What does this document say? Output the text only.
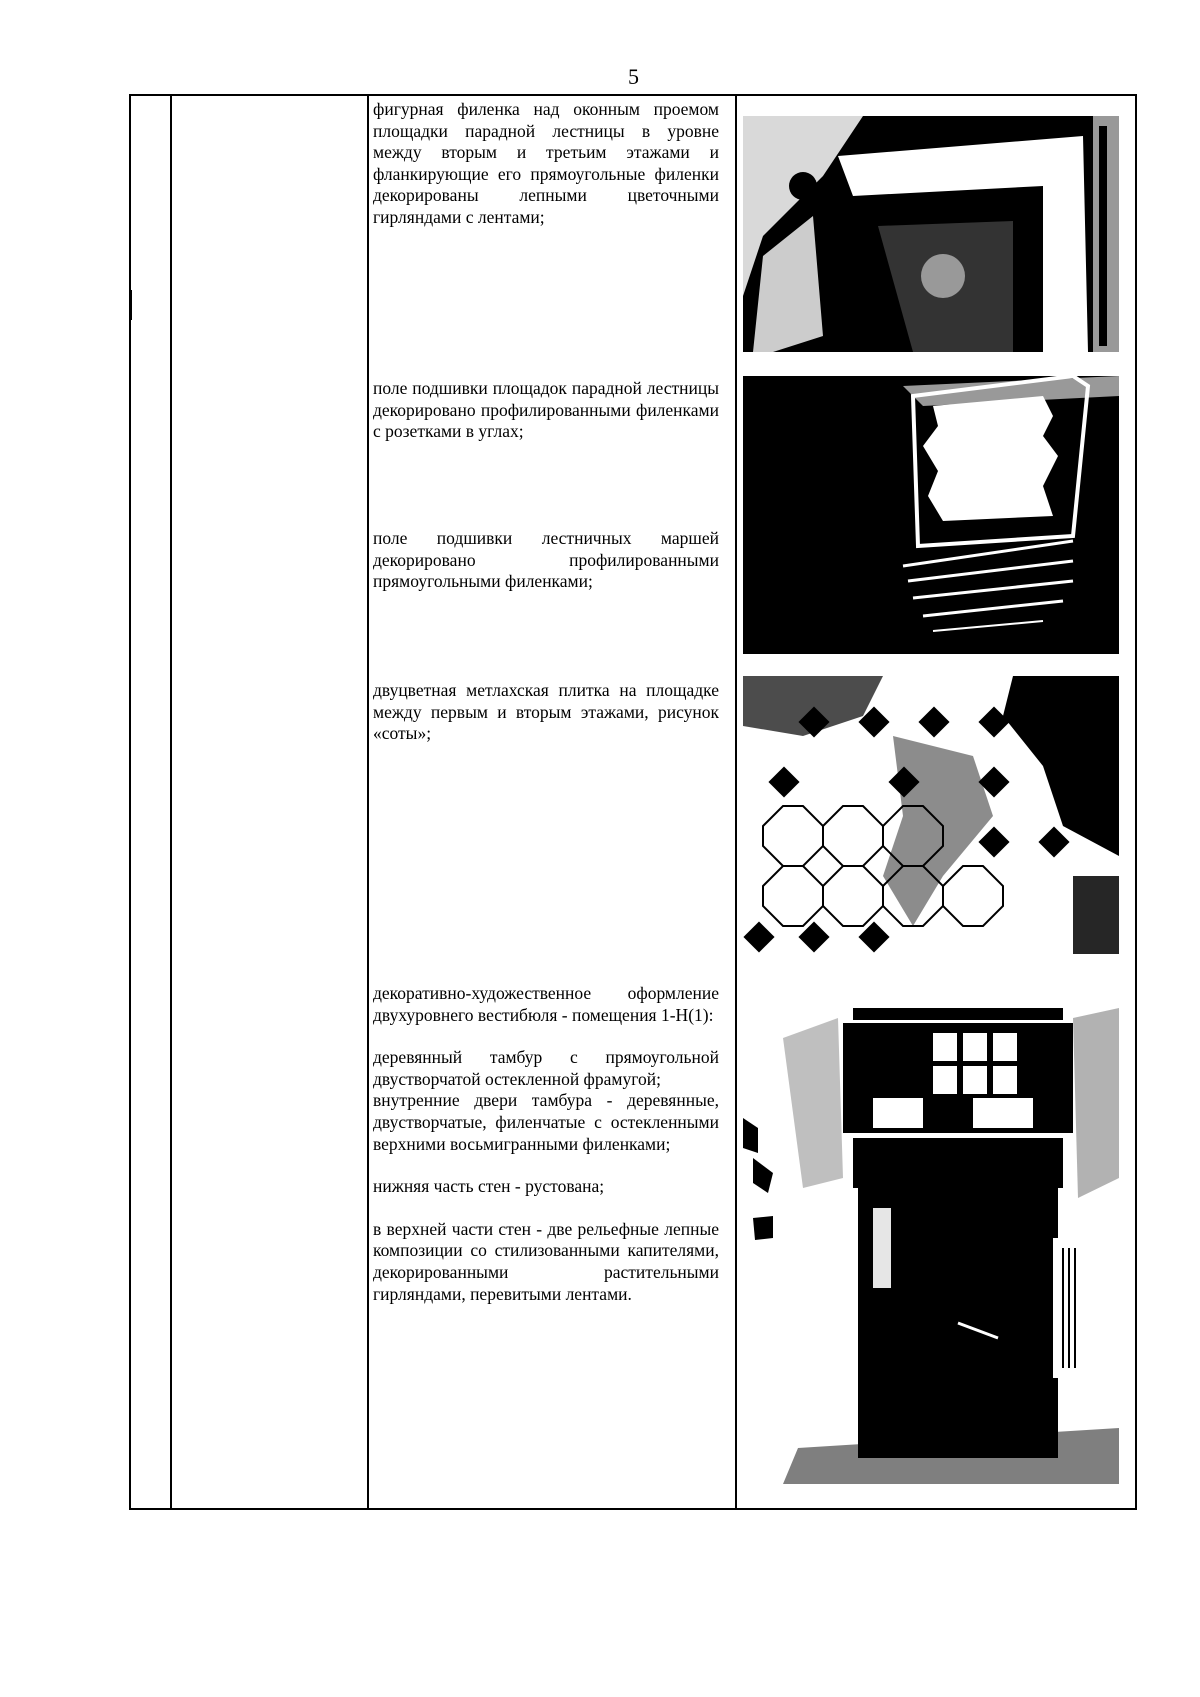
5
фигурная филенка над оконным проемом площадки парадной лестницы в уровне между вторым и третьим этажами и фланкирующие его прямоугольные филенки декорированы лепными цветочными гирляндами с лентами;
поле подшивки площадок парадной лестницы декорировано профилированными филенками с розетками в углах;
поле подшивки лестничных маршей декорировано профилированными прямоугольными филенками;
двуцветная метлахская плитка на площадке между первым и вторым этажами, рисунок «соты»;

декоративно-художественное оформление двухуровнего вестибюля - помещения 1-Н(1):

деревянный тамбур с прямоугольной двустворчатой остекленной фрамугой;

внутренние двери тамбура - деревянные, двустворчатые, филенчатые с остекленными верхними восьмигранными филенками;

нижняя часть стен - рустована;

в верхней части стен - две рельефные лепные композиции со стилизованными капителями, декорированными растительными гирляндами, перевитыми лентами.
